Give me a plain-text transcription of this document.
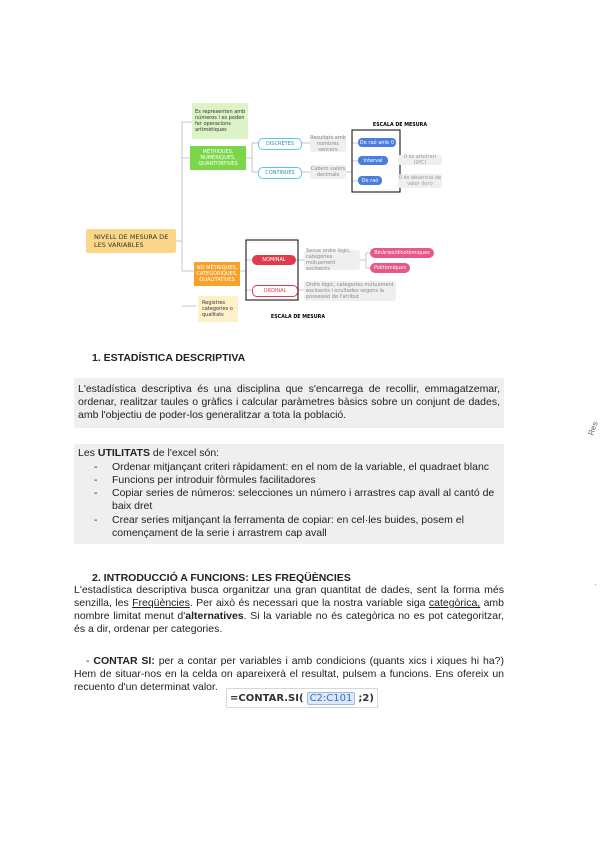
NIVELL DE MESURA DE LES VARIABLES
Es representen amb números i es poden fer operacions aritmètiques
MÈTRIQUES, NUMÈRIQUES, QUANTITATIVES
DISCRETES
CONTINUES
Resultats amb nombres sencers
Cabem valors decimals
ESCALA DE MESURA
De raó amb 0
Interval
De raó
0 és arbitrari (0ºC)
0 és absència de valor (km)
NO MÈTRIQUES, CATEGÒRIQUES, QUALITATIVES
Registres categories o qualitats
NOMINAL
ORDINAL
Sense ordre lògic, categories mútuament excloents
Binàries/dicotòmiques
Politòmiques
Ordre lògic, categories mútuament excloents i ocultades segons la possessió de l'atribut
ESCALA DE MESURA
1. ESTADÍSTICA DESCRIPTIVA
L'estadística descriptiva és una disciplina que s'encarrega de recollir, emmagatzemar, ordenar, realitzar taules o gràfics i calcular paràmetres bàsics sobre un conjunt de dades, amb l'objectiu de poder-los generalitzar a tota la població.
Les UTILITATS de l'excel són:
- Ordenar mitjançant criteri ràpidament: en el nom de la variable, el quadraet blanc
- Funcions per introduir fòrmules facilitadores
- Copiar series de números: selecciones un número i arrastres cap avall al cantó de baix dret
- Crear series mitjançant la ferramenta de copiar: en cel·les buides, posem el començament de la serie i arrastrem cap avall
2. INTRODUCCIÓ A FUNCIONS: LES FREQÜÈNCIES
L'estadística descriptiva busca organitzar una gran quantitat de dades, sent la forma més senzilla, les Freqüències. Per això és necessari que la nostra variable siga categòrica, amb nombre limitat menut d'alternatives. Si la variable no és categòrica no es pot categoritzar, és a dir, ordenar per categories.
- CONTAR SI: per a contar per variables i amb condicions (quants xics i xiques hi ha?) Hem de situar-nos en la celda on apareixerà el resultat, pulsem a funcions. Ens ofereix un recuento d'un determinat valor.
=CONTAR.SI( C2:C101 ;2)
Res
·
